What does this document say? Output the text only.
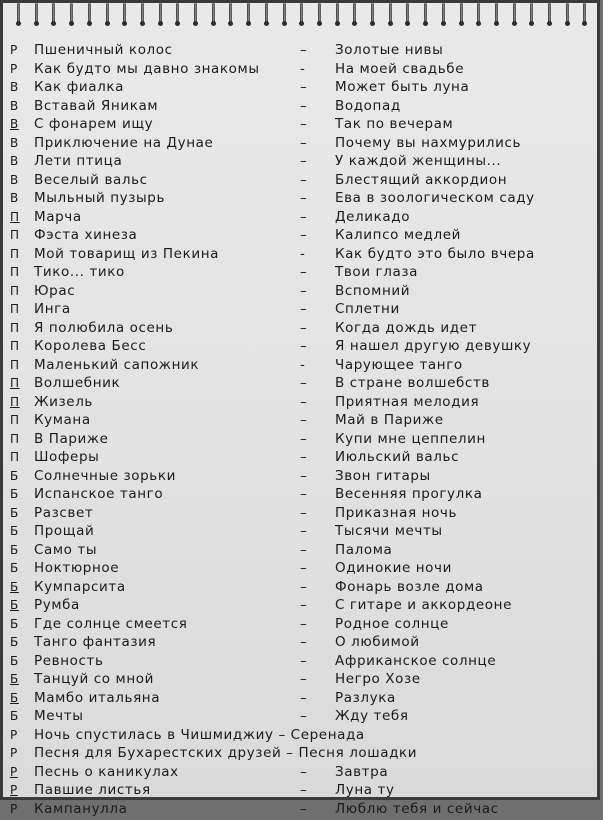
Р	Пшеничный колос	–	Золотые нивы
Р	Как будто мы давно знакомы	-	На моей свадьбе
В	Как фиалка	–	Может быть луна
В	Вставай Яникам	–	Водопад
В	С фонарем ищу	–	Так по вечерам
В	Приключение на Дунае	–	Почему вы нахмурились
В	Лети птица	–	У каждой женщины...
В	Веселый вальс	–	Блестящий аккордион
В	Мыльный пузырь	–	Ева в зоологическом саду
П	Марча	–	Деликадо
П	Фэста хинеза	–	Калипсо медлей
П	Мой товарищ из Пекина	-	Как будто это было вчера
П	Тико... тико	–	Твои глаза
П	Юрас	–	Вспомний
П	Инга	–	Сплетни
П	Я полюбила осень	–	Когда дождь идет
П	Королева Бесс	–	Я нашел другую девушку
П	Маленький сапожник	-	Чарующее танго
П	Волшебник	–	В стране волшебств
П	Жизель	–	Приятная мелодия
П	Кумана	–	Май в Париже
П	В Париже	–	Купи мне цеппелин
П	Шоферы	–	Июльский вальс
Б	Солнечные зорьки	–	Звон гитары
Б	Испанское танго	–	Весенняя прогулка
Б	Разсвет	–	Приказная ночь
Б	Прощай	–	Тысячи мечты
Б	Само ты	–	Палома
Б	Ноктюрное	–	Одинокие ночи
Б	Кумпарсита	–	Фонарь возле дома
Б	Румба	–	С гитаре и аккордеоне
Б	Где солнце смеется	–	Родное солнце
Б	Танго фантазия	–	О любимой
Б	Ревность	–	Африканское солнце
Б	Танцуй со мной	–	Негро Хозе
Б	Мамбо итальяна	–	Разлука
Б	Мечты	–	Жду тебя
Р	Ночь спустилась в Чишмиджиу – Серенада
Р	Песня для Бухарестских друзей – Песня лошадки
Р	Песнь о каникулах	–	Завтра
Р	Павшие листья	–	Луна ту
Р	Кампанулла	–	Люблю тебя и сейчас
